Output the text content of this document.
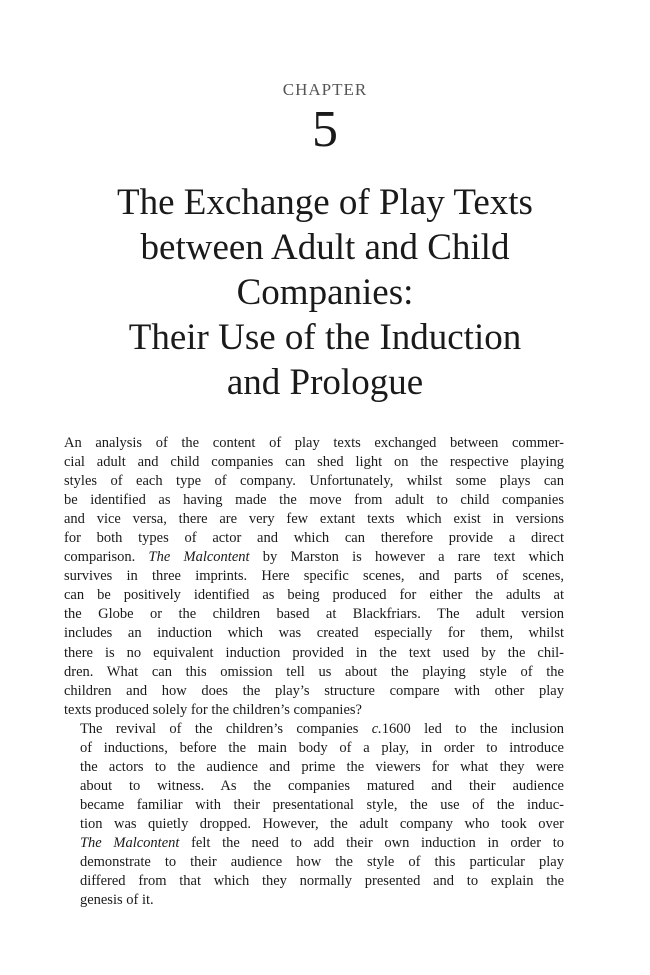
CHAPTER
5
The Exchange of Play Texts
between Adult and Child
Companies:
Their Use of the Induction
and Prologue

An analysis of the content of play texts exchanged between commer-
cial adult and child companies can shed light on the respective playing
styles of each type of company. Unfortunately, whilst some plays can
be identified as having made the move from adult to child companies
and vice versa, there are very few extant texts which exist in versions
for both types of actor and which can therefore provide a direct
comparison. The Malcontent by Marston is however a rare text which
survives in three imprints. Here specific scenes, and parts of scenes,
can be positively identified as being produced for either the adults at
the Globe or the children based at Blackfriars. The adult version
includes an induction which was created especially for them, whilst
there is no equivalent induction provided in the text used by the chil-
dren. What can this omission tell us about the playing style of the
children and how does the play’s structure compare with other play
texts produced solely for the children’s companies?

The revival of the children’s companies c.1600 led to the inclusion
of inductions, before the main body of a play, in order to introduce
the actors to the audience and prime the viewers for what they were
about to witness. As the companies matured and their audience
became familiar with their presentational style, the use of the induc-
tion was quietly dropped. However, the adult company who took over
The Malcontent felt the need to add their own induction in order to
demonstrate to their audience how the style of this particular play
differed from that which they normally presented and to explain the
genesis of it.
